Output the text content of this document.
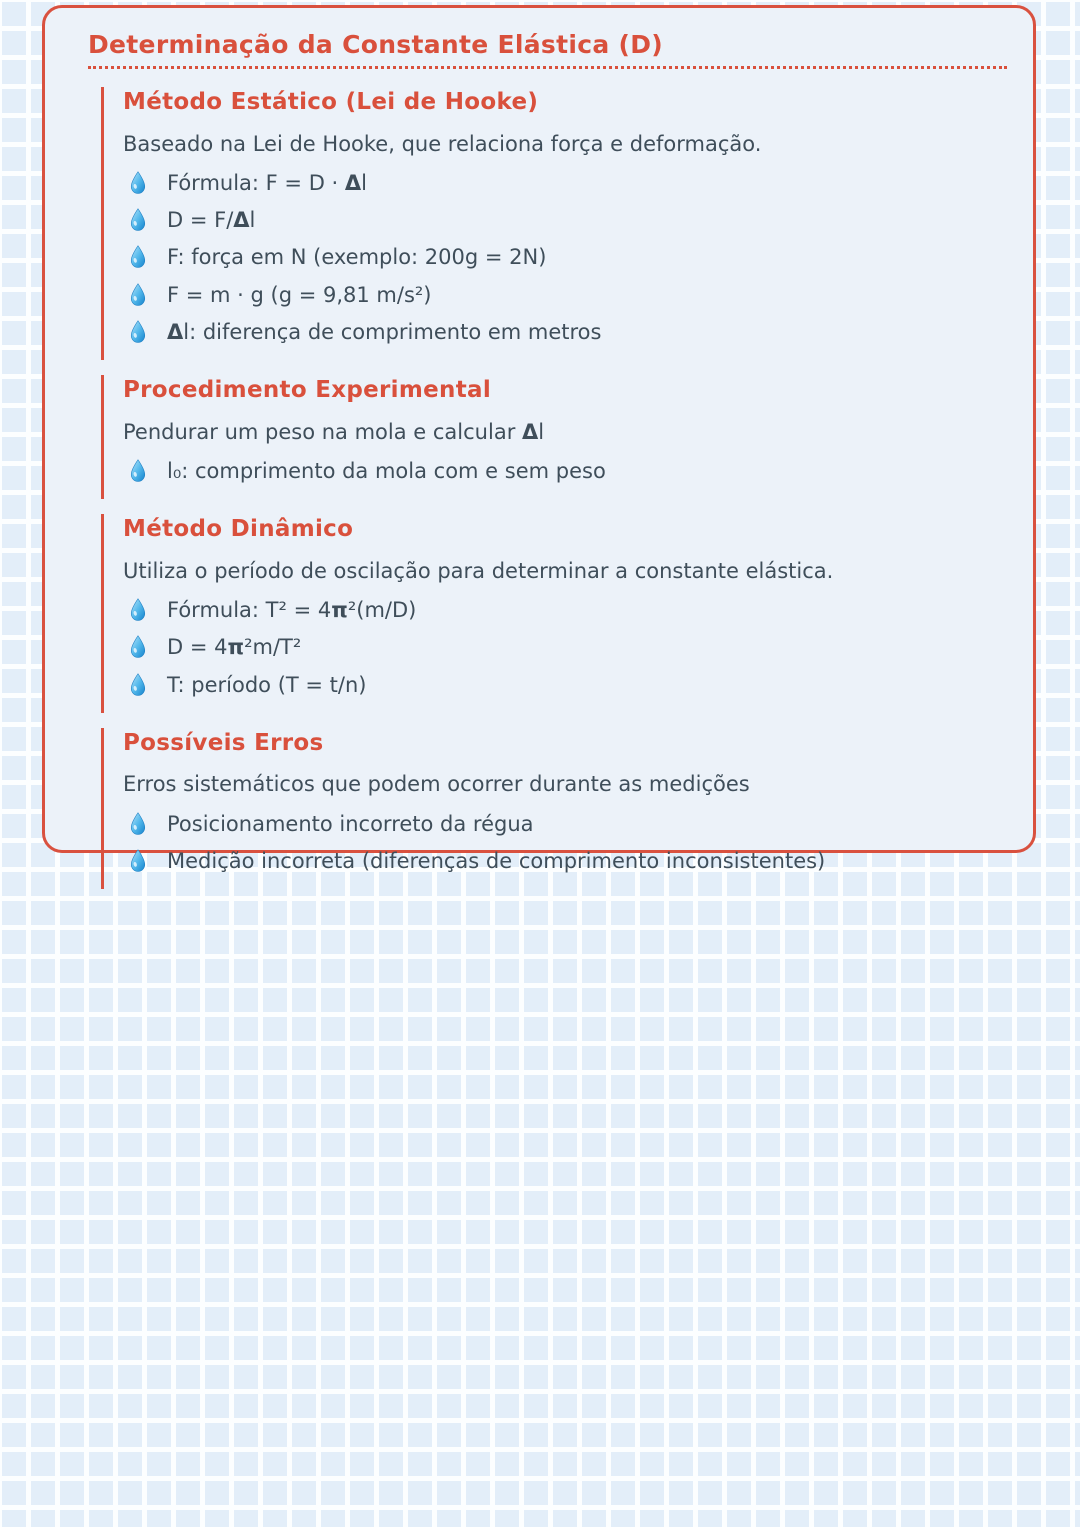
Determinação da Constante Elástica (D)
Método Estático (Lei de Hooke)

Baseado na Lei de Hooke, que relaciona força e deformação.

Fórmula: F = D · Δl
D = F/Δl
F: força em N (exemplo: 200g = 2N)
F = m · g (g = 9,81 m/s²)
Δl: diferença de comprimento em metros
Procedimento Experimental

Pendurar um peso na mola e calcular Δl

l₀: comprimento da mola com e sem peso
Método Dinâmico

Utiliza o período de oscilação para determinar a constante elástica.

Fórmula: T² = 4π²(m/D)
D = 4π²m/T²
T: período (T = t/n)
Possíveis Erros

Erros sistemáticos que podem ocorrer durante as medições

Posicionamento incorreto da régua
Medição incorreta (diferenças de comprimento inconsistentes)
